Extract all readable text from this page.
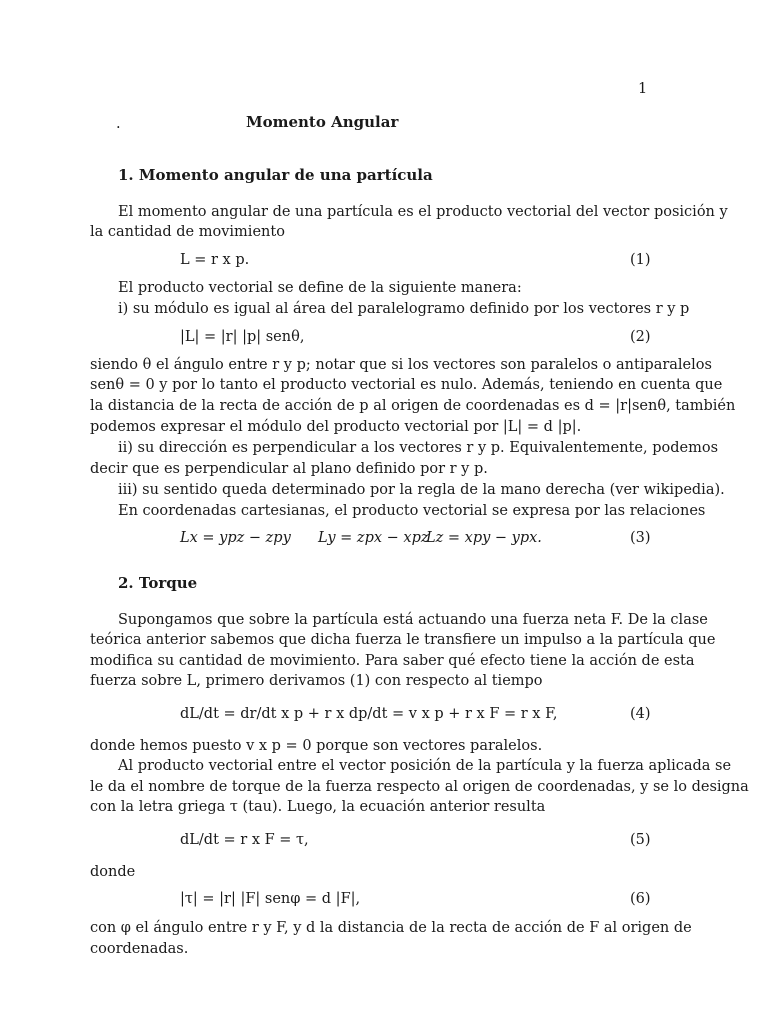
1
.	Momento Angular
1. Momento angular de una partícula
El momento angular de una partícula es el producto vectorial del vector posición y
la cantidad de movimiento
L = r x p.	(1)
El producto vectorial se define de la siguiente manera:
i) su módulo es igual al área del paralelogramo definido por los vectores r y p
|L| = |r| |p| senθ,	(2)
siendo θ el ángulo entre r y p; notar que si los vectores son paralelos o antiparalelos
senθ = 0 y por lo tanto el producto vectorial es nulo. Además, teniendo en cuenta que
la distancia de la recta de acción de p al origen de coordenadas es d = |r|senθ, también
podemos expresar el módulo del producto vectorial por |L| = d |p|.
ii) su dirección es perpendicular a los vectores r y p. Equivalentemente, podemos
decir que es perpendicular al plano definido por r y p.
iii) su sentido queda determinado por la regla de la mano derecha (ver wikipedia).
En coordenadas cartesianas, el producto vectorial se expresa por las relaciones
Lx = ypz − zpy Ly = zpx − xpz
Lz = xpy − ypx.	(3)
2. Torque
Supongamos que sobre la partícula está actuando una fuerza neta F. De la clase
teórica anterior sabemos que dicha fuerza le transfiere un impulso a la partícula que
modifica su cantidad de movimiento. Para saber qué efecto tiene la acción de esta
fuerza sobre L, primero derivamos (1) con respecto al tiempo
dL/dt = dr/dt x p + r x dp/dt = v x p + r x F = r x F,	(4)
donde hemos puesto v x p = 0 porque son vectores paralelos.
Al producto vectorial entre el vector posición de la partícula y la fuerza aplicada se
le da el nombre de torque de la fuerza respecto al origen de coordenadas, y se lo designa
con la letra griega τ (tau). Luego, la ecuación anterior resulta
dL/dt = r x F = τ,	(5)
donde
|τ| = |r| |F| senφ = d |F|,	(6)
con φ el ángulo entre r y F, y d la distancia de la recta de acción de F al origen de
coordenadas.
